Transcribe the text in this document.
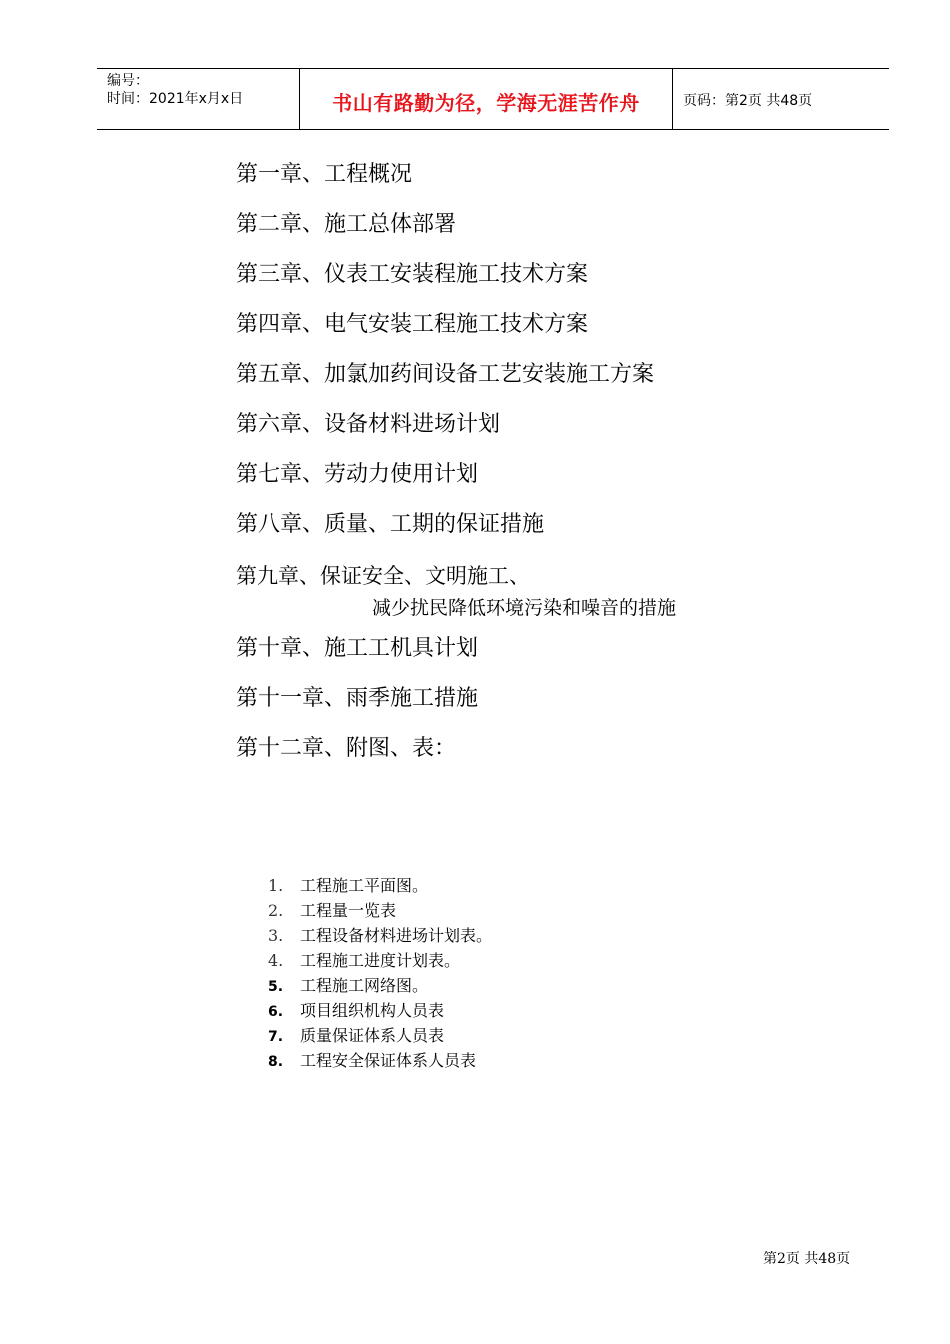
编号：
时间：2021年x月x日	书山有路勤为径，学海无涯苦作舟	页码：第2页 共48页
第一章、工程概况
第二章、施工总体部署
第三章、仪表工安装程施工技术方案
第四章、电气安装工程施工技术方案
第五章、加氯加药间设备工艺安装施工方案
第六章、设备材料进场计划
第七章、劳动力使用计划
第八章、质量、工期的保证措施
第九章、保证安全、文明施工、
减少扰民降低环境污染和噪音的措施
第十章、施工工机具计划
第十一章、雨季施工措施
第十二章、附图、表：
1. 工程施工平面图。
2. 工程量一览表
3. 工程设备材料进场计划表。
4. 工程施工进度计划表。
5. 工程施工网络图。
6. 项目组织机构人员表
7. 质量保证体系人员表
8. 工程安全保证体系人员表
第2页 共48页
